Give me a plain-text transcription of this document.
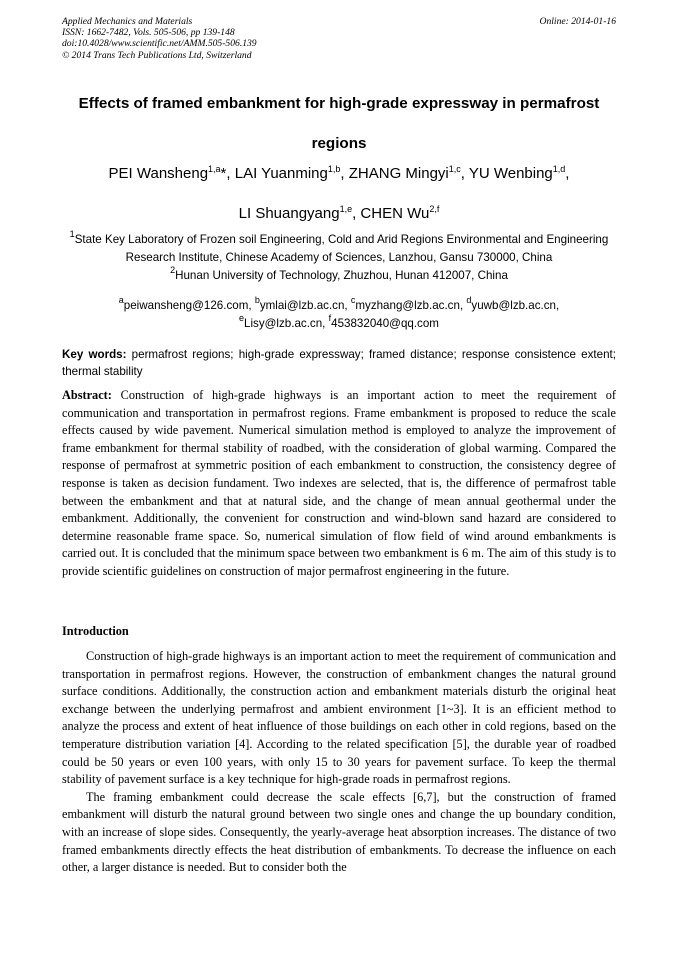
Applied Mechanics and Materials
ISSN: 1662-7482, Vols. 505-506, pp 139-148
doi:10.4028/www.scientific.net/AMM.505-506.139
© 2014 Trans Tech Publications Ltd, Switzerland
Online: 2014-01-16
Effects of framed embankment for high-grade expressway in permafrost regions
PEI Wansheng$^{1,a}$*, LAI Yuanming$^{1,b}$, ZHANG Mingyi$^{1,c}$, YU Wenbing$^{1,d}$,
LI Shuangyang$^{1,e}$, CHEN Wu$^{2,f}$

$^1$State Key Laboratory of Frozen soil Engineering, Cold and Arid Regions Environmental and Engineering Research Institute, Chinese Academy of Sciences, Lanzhou, Gansu 730000, China

$^2$Hunan University of Technology, Zhuzhou, Hunan 412007, China

$^a$peiwansheng@126.com, $^b$ymlai@lzb.ac.cn, $^c$myzhang@lzb.ac.cn, $^d$yuwb@lzb.ac.cn,
$^e$Lisy@lzb.ac.cn, $^f$453832040@qq.com

Key words: permafrost regions; high-grade expressway; framed distance; response consistence extent; thermal stability
Abstract: Construction of high-grade highways is an important action to meet the requirement of communication and transportation in permafrost regions. Frame embankment is proposed to reduce the scale effects caused by wide pavement. Numerical simulation method is employed to analyze the improvement of frame embankment for thermal stability of roadbed, with the consideration of global warming. Compared the response of permafrost at symmetric position of each embankment to construction, the consistency degree of response is taken as decision fundament. Two indexes are selected, that is, the difference of permafrost table between the embankment and that at natural side, and the change of mean annual geothermal under the embankment. Additionally, the convenient for construction and wind-blown sand hazard are considered to determine reasonable frame space. So, numerical simulation of flow field of wind around embankments is carried out. It is concluded that the minimum space between two embankment is 6 m. The aim of this study is to provide scientific guidelines on construction of major permafrost engineering in the future.
Introduction

Construction of high-grade highways is an important action to meet the requirement of communication and transportation in permafrost regions. However, the construction of embankment changes the natural ground surface conditions. Additionally, the construction action and embankment materials disturb the original heat exchange between the underlying permafrost and ambient environment [1~3]. It is an efficient method to analyze the process and extent of heat influence of those buildings on each other in cold regions, based on the temperature distribution variation [4]. According to the related specification [5], the durable year of roadbed could be 50 years or even 100 years, with only 15 to 30 years for pavement surface. To keep the thermal stability of pavement surface is a key technique for high-grade roads in permafrost regions.

The framing embankment could decrease the scale effects [6,7], but the construction of framed embankment will disturb the natural ground between two single ones and change the up boundary condition, with an increase of slope sides. Consequently, the yearly-average heat absorption increases. The distance of two framed embankments directly effects the heat distribution of embankments. To decrease the influence on each other, a larger distance is needed. But to consider both the
